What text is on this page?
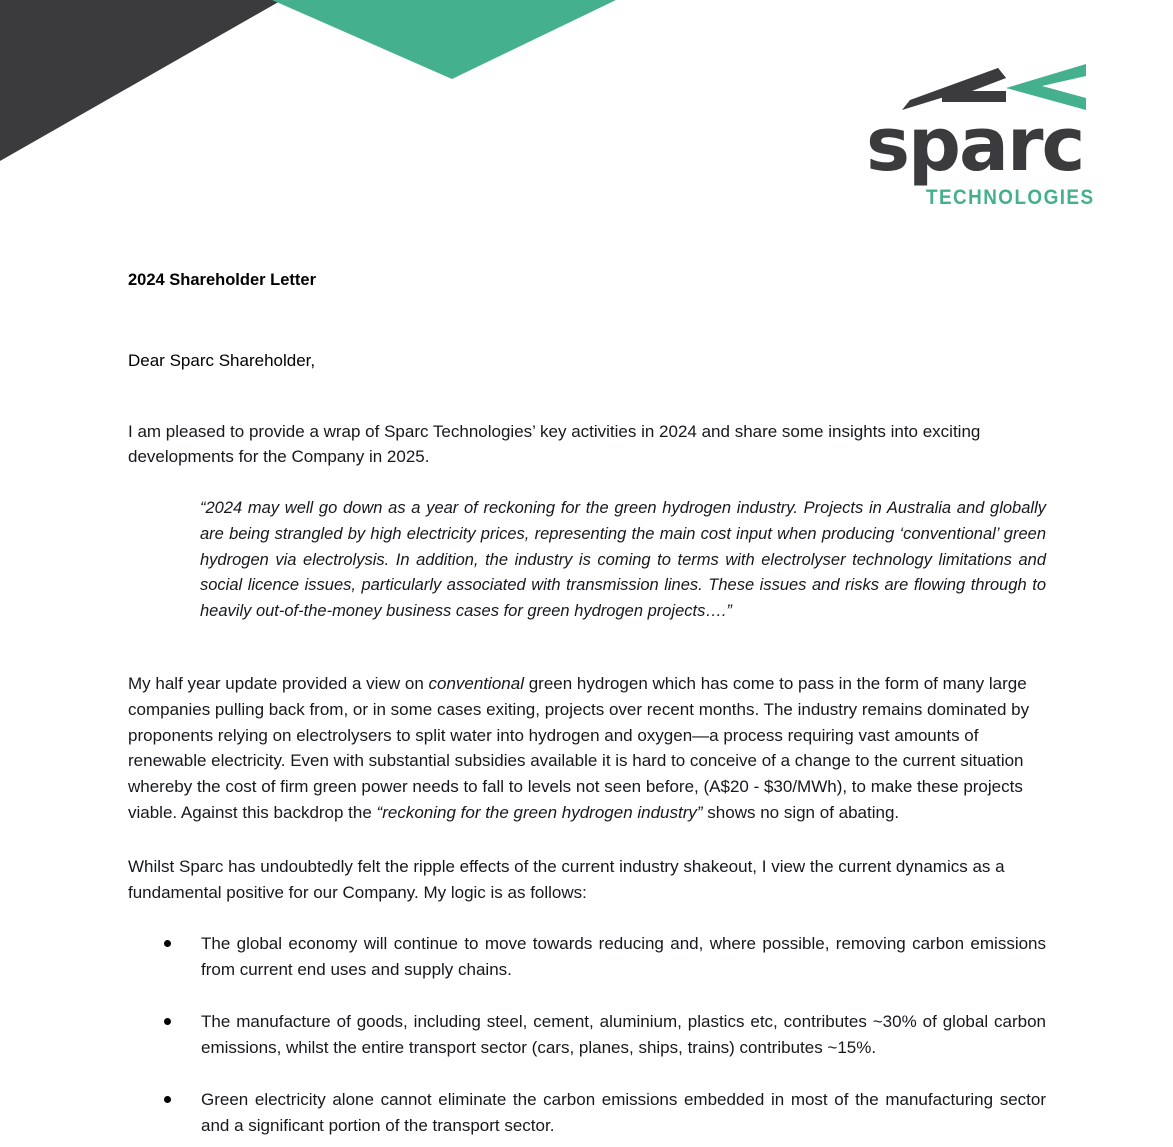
sparc
TECHNOLOGIES
2024 Shareholder Letter

Dear Sparc Shareholder,

I am pleased to provide a wrap of Sparc Technologies’ key activities in 2024 and share some insights into exciting developments for the Company in 2025.

“2024 may well go down as a year of reckoning for the green hydrogen industry. Projects in Australia and globally are being strangled by high electricity prices, representing the main cost input when producing ‘conventional’ green hydrogen via electrolysis. In addition, the industry is coming to terms with electrolyser technology limitations and social licence issues, particularly associated with transmission lines. These issues and risks are flowing through to heavily out-of-the-money business cases for green hydrogen projects….”

My half year update provided a view on conventional green hydrogen which has come to pass in the form of many large companies pulling back from, or in some cases exiting, projects over recent months. The industry remains dominated by proponents relying on electrolysers to split water into hydrogen and oxygen—a process requiring vast amounts of renewable electricity. Even with substantial subsidies available it is hard to conceive of a change to the current situation whereby the cost of firm green power needs to fall to levels not seen before, (A$20 - $30/MWh), to make these projects viable. Against this backdrop the “reckoning for the green hydrogen industry” shows no sign of abating.

Whilst Sparc has undoubtedly felt the ripple effects of the current industry shakeout, I view the current dynamics as a fundamental positive for our Company. My logic is as follows:

The global economy will continue to move towards reducing and, where possible, removing carbon emissions from current end uses and supply chains.
The manufacture of goods, including steel, cement, aluminium, plastics etc, contributes ~30% of global carbon emissions, whilst the entire transport sector (cars, planes, ships, trains) contributes ~15%.
Green electricity alone cannot eliminate the carbon emissions embedded in most of the manufacturing sector and a significant portion of the transport sector.
